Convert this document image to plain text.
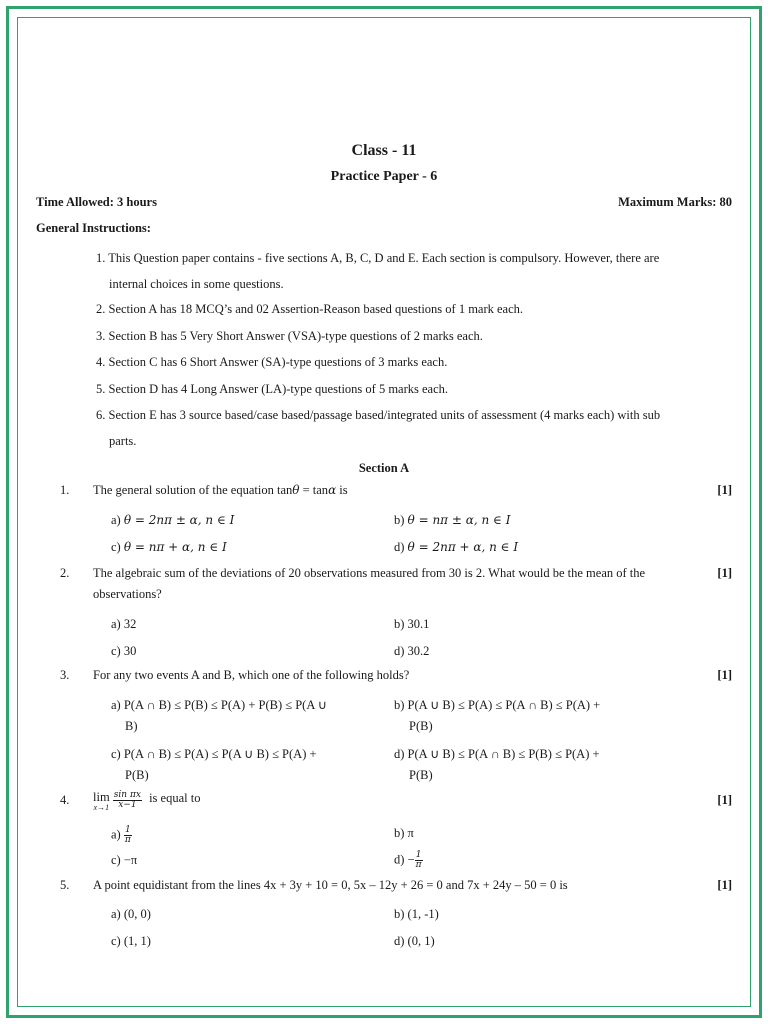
Class - 11
Practice Paper - 6
Time Allowed: 3 hours	Maximum Marks: 80
General Instructions:
1. This Question paper contains - five sections A, B, C, D and E. Each section is compulsory. However, there are
internal choices in some questions.
2. Section A has 18 MCQ’s and 02 Assertion-Reason based questions of 1 mark each.
3. Section B has 5 Very Short Answer (VSA)-type questions of 2 marks each.
4. Section C has 6 Short Answer (SA)-type questions of 3 marks each.
5. Section D has 4 Long Answer (LA)-type questions of 5 marks each.
6. Section E has 3 source based/case based/passage based/integrated units of assessment (4 marks each) with sub
parts.
Section A
1.	The general solution of the equation tanθ = tanα is	[1]
a) θ = 2nπ ± α, n ∈ I	b) θ = nπ ± α, n ∈ I
c) θ = nπ + α, n ∈ I	d) θ = 2nπ + α, n ∈ I
2.	The algebraic sum of the deviations of 20 observations measured from 30 is 2. What would be the mean of the
observations?
[1]
a) 32	b) 30.1
c) 30	d) 30.2
3.	For any two events A and B, which one of the following holds?	[1]
a) P(A ∩ B) ≤ P(B) ≤ P(A) + P(B) ≤ P(A ∪
B)
b) P(A ∪ B) ≤ P(A) ≤ P(A ∩ B) ≤ P(A) +
P(B)
c) P(A ∩ B) ≤ P(A) ≤ P(A ∪ B) ≤ P(A) +
P(B)
d) P(A ∪ B) ≤ P(A ∩ B) ≤ P(B) ≤ P(A) +
P(B)
4.	lim
x→1
$\frac{\text{sin πx}}{x-1}$ is equal to	[1]
$a) \frac{1}{\pi}$	b) π
c) −π	$d) - \frac{1}{\pi}$
5.	A point equidistant from the lines 4x + 3y + 10 = 0, 5x – 12y + 26 = 0 and 7x + 24y – 50 = 0 is	[1]
a) (0, 0)	b) (1, -1)
c) (1, 1)	d) (0, 1)
